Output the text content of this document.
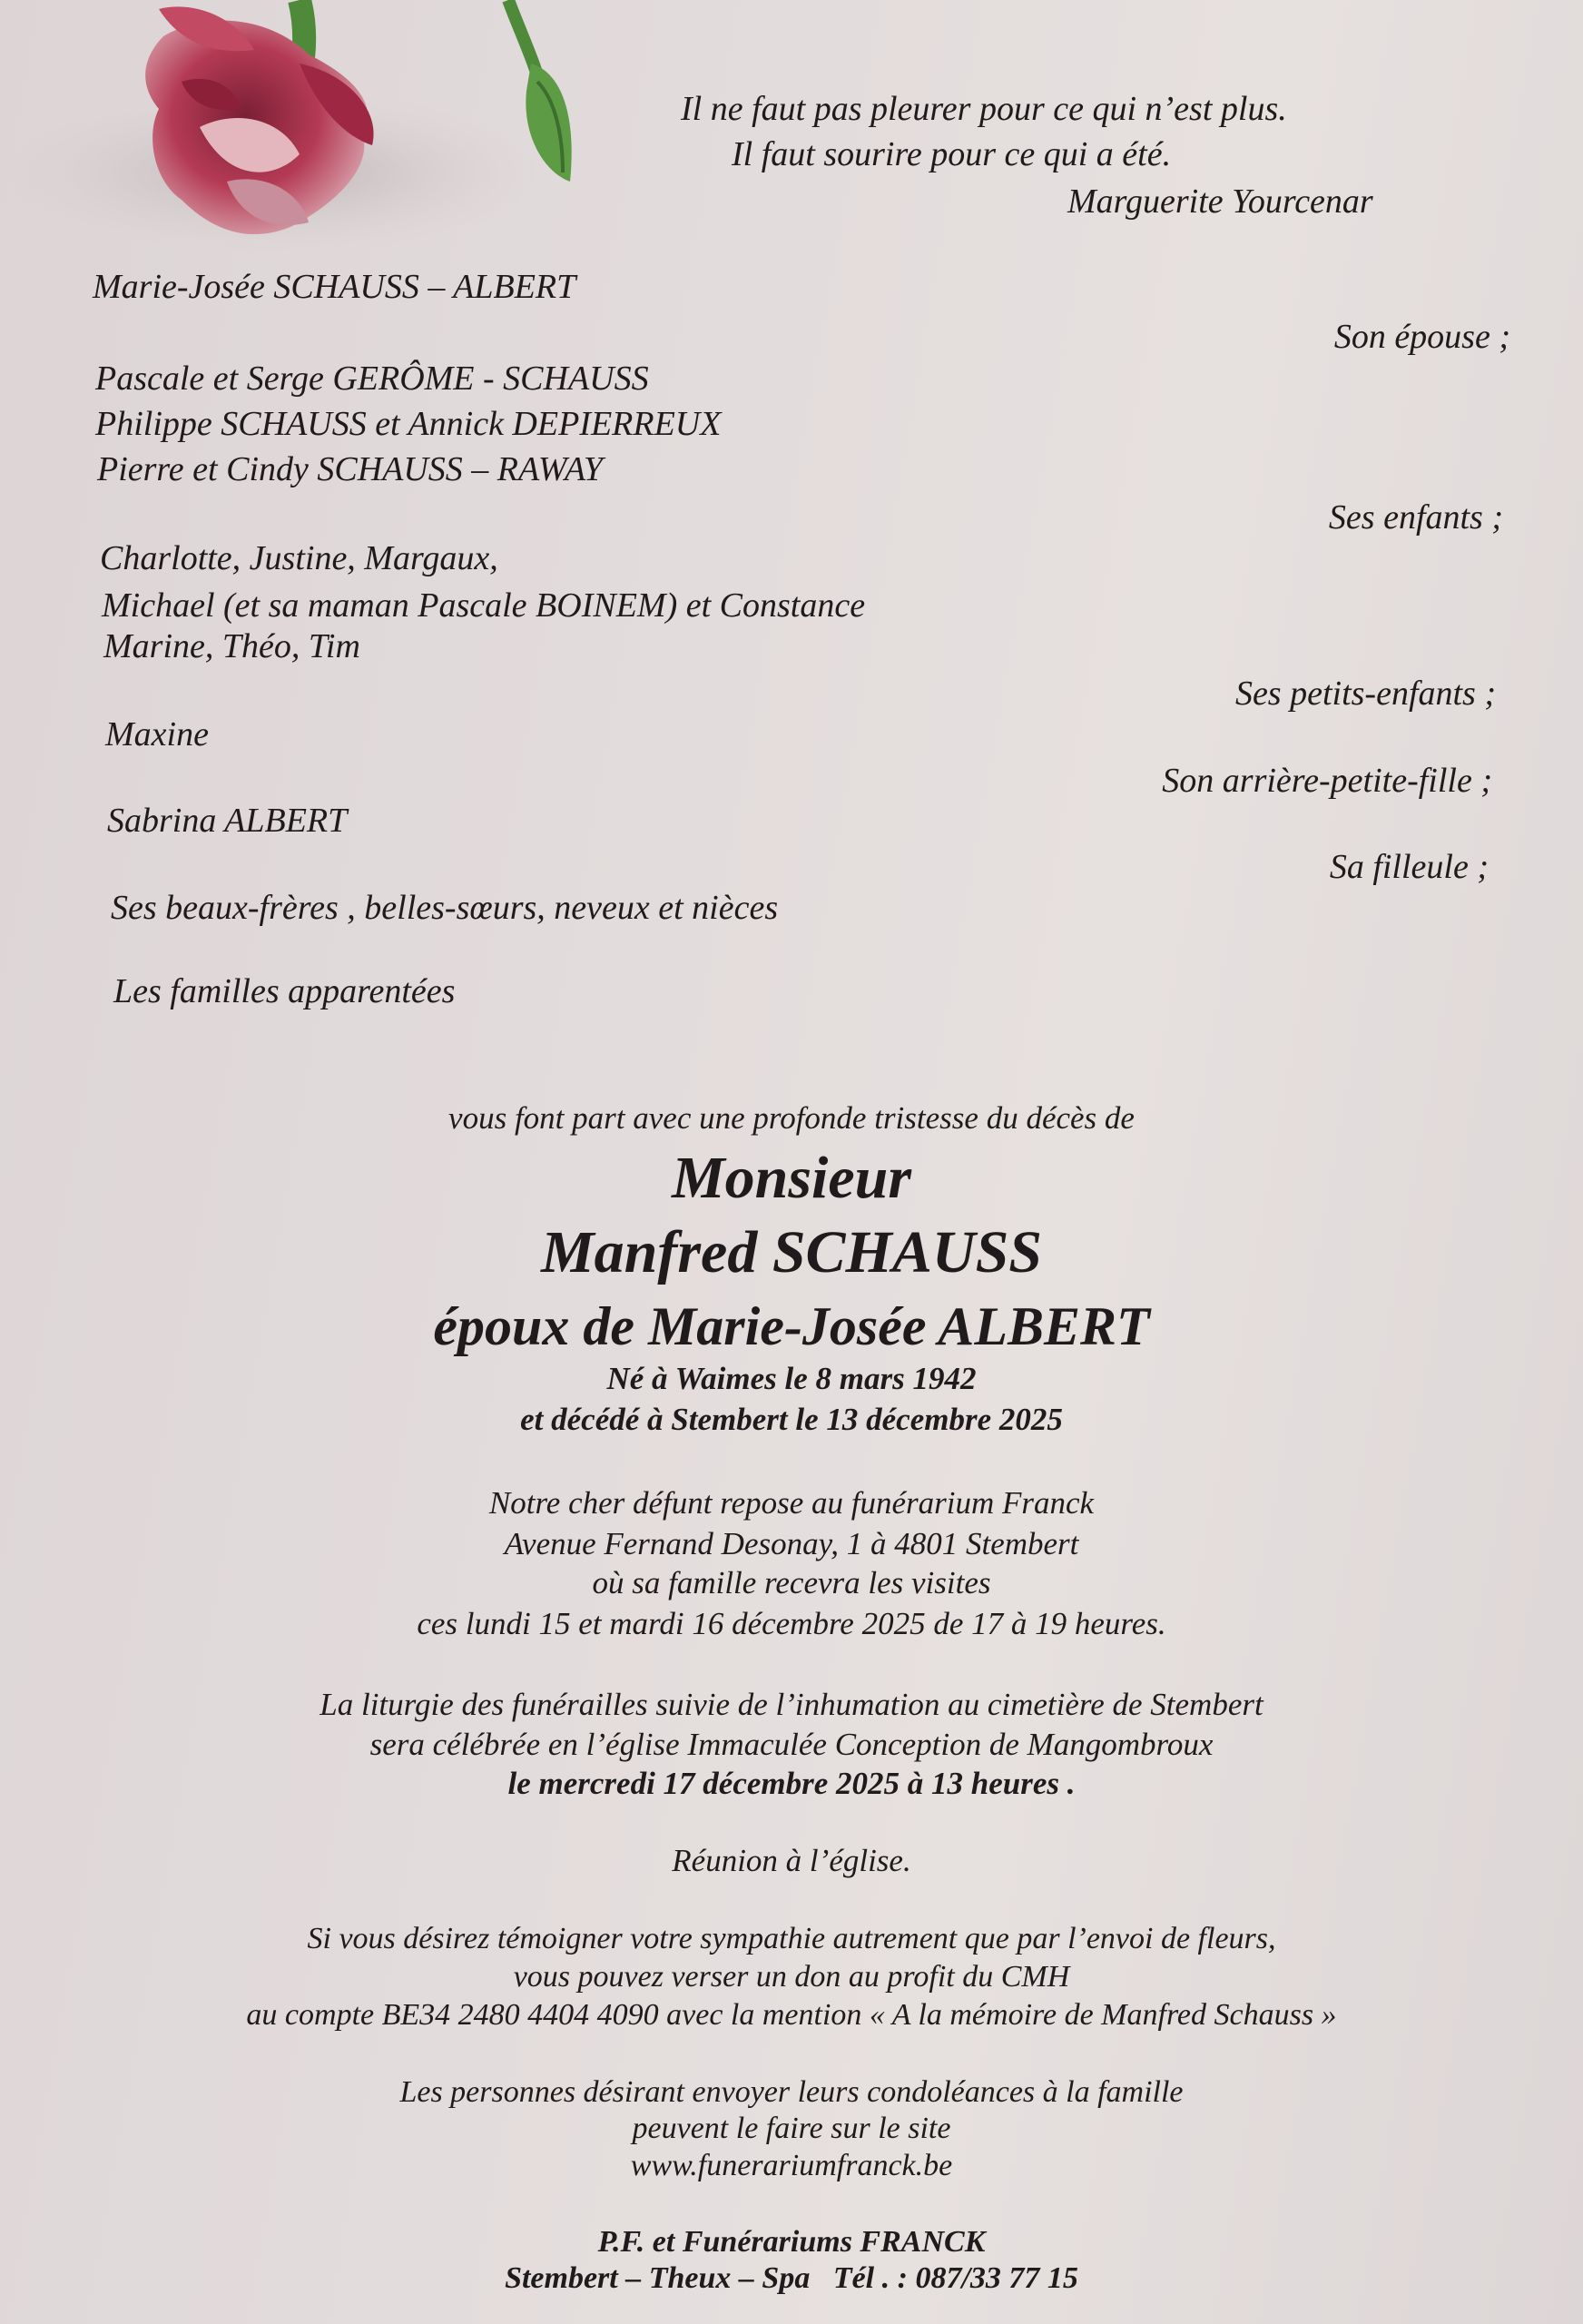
Il ne faut pas pleurer pour ce qui n’est plus.
Il faut sourire pour ce qui a été.
Marguerite Yourcenar
Marie-Josée SCHAUSS – ALBERT
Son épouse ;
Pascale et Serge GERÔME - SCHAUSS
Philippe SCHAUSS et Annick DEPIERREUX
Pierre et Cindy SCHAUSS – RAWAY
Ses enfants ;
Charlotte, Justine, Margaux,
Michael (et sa maman Pascale BOINEM) et Constance
Marine, Théo, Tim
Ses petits-enfants ;
Maxine
Son arrière-petite-fille ;
Sabrina ALBERT
Sa filleule ;
Ses beaux-frères , belles-sœurs, neveux et nièces
Les familles apparentées
vous font part avec une profonde tristesse du décès de
Monsieur
Manfred SCHAUSS
époux de Marie-Josée ALBERT
Né à Waimes le 8 mars 1942
et décédé à Stembert le 13 décembre 2025
Notre cher défunt repose au funérarium Franck
Avenue Fernand Desonay, 1 à 4801 Stembert
où sa famille recevra les visites
ces lundi 15 et mardi 16 décembre 2025 de 17 à 19 heures.
La liturgie des funérailles suivie de l’inhumation au cimetière de Stembert
sera célébrée en l’église Immaculée Conception de Mangombroux
le mercredi 17 décembre 2025 à 13 heures .
Réunion à l’église.
Si vous désirez témoigner votre sympathie autrement que par l’envoi de fleurs,
vous pouvez verser un don au profit du CMH
au compte BE34 2480 4404 4090 avec la mention « A la mémoire de Manfred Schauss »
Les personnes désirant envoyer leurs condoléances à la famille
peuvent le faire sur le site
www.funerariumfranck.be
P.F. et Funérariums FRANCK
Stembert – Theux – Spa   Tél . : 087/33 77 15
